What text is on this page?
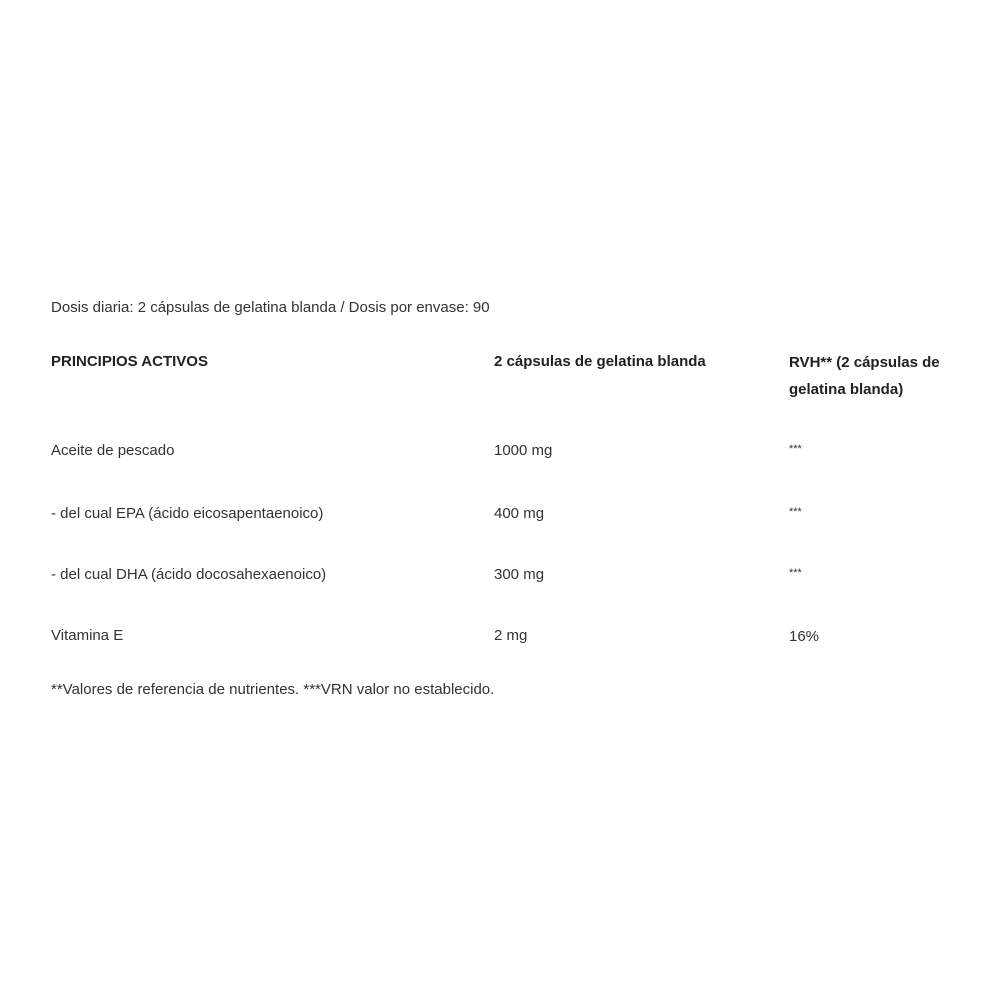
Dosis diaria: 2 cápsulas de gelatina blanda / Dosis por envase: 90
PRINCIPIOS ACTIVOS	2 cápsulas de gelatina blanda	RVH** (2 cápsulas de gelatina blanda)
Aceite de pescado	1000 mg	***
- del cual EPA (ácido eicosapentaenoico)	400 mg	***
- del cual DHA (ácido docosahexaenoico)	300 mg	***
Vitamina E	2 mg	16%
**Valores de referencia de nutrientes. ***VRN valor no establecido.
